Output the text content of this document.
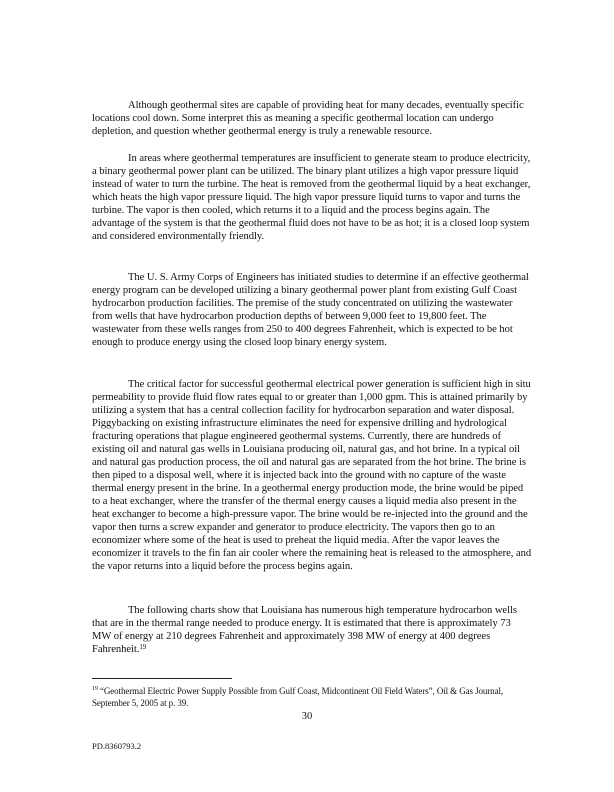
Although geothermal sites are capable of providing heat for many decades, eventually specific locations cool down. Some interpret this as meaning a specific geothermal location can undergo depletion, and question whether geothermal energy is truly a renewable resource.

In areas where geothermal temperatures are insufficient to generate steam to produce electricity, a binary geothermal power plant can be utilized. The binary plant utilizes a high vapor pressure liquid instead of water to turn the turbine. The heat is removed from the geothermal liquid by a heat exchanger, which heats the high vapor pressure liquid. The high vapor pressure liquid turns to vapor and turns the turbine. The vapor is then cooled, which returns it to a liquid and the process begins again. The advantage of the system is that the geothermal fluid does not have to be as hot; it is a closed loop system and considered environmentally friendly.

The U. S. Army Corps of Engineers has initiated studies to determine if an effective geothermal energy program can be developed utilizing a binary geothermal power plant from existing Gulf Coast hydrocarbon production facilities. The premise of the study concentrated on utilizing the wastewater from wells that have hydrocarbon production depths of between 9,000 feet to 19,800 feet. The wastewater from these wells ranges from 250 to 400 degrees Fahrenheit, which is expected to be hot enough to produce energy using the closed loop binary energy system.

The critical factor for successful geothermal electrical power generation is sufficient high in situ permeability to provide fluid flow rates equal to or greater than 1,000 gpm. This is attained primarily by utilizing a system that has a central collection facility for hydrocarbon separation and water disposal. Piggybacking on existing infrastructure eliminates the need for expensive drilling and hydrological fracturing operations that plague engineered geothermal systems. Currently, there are hundreds of existing oil and natural gas wells in Louisiana producing oil, natural gas, and hot brine. In a typical oil and natural gas production process, the oil and natural gas are separated from the hot brine. The brine is then piped to a disposal well, where it is injected back into the ground with no capture of the waste thermal energy present in the brine. In a geothermal energy production mode, the brine would be piped to a heat exchanger, where the transfer of the thermal energy causes a liquid media also present in the heat exchanger to become a high-pressure vapor. The brine would be re-injected into the ground and the vapor then turns a screw expander and generator to produce electricity. The vapors then go to an economizer where some of the heat is used to preheat the liquid media. After the vapor leaves the economizer it travels to the fin fan air cooler where the remaining heat is released to the atmosphere, and the vapor returns into a liquid before the process begins again.

The following charts show that Louisiana has numerous high temperature hydrocarbon wells that are in the thermal range needed to produce energy. It is estimated that there is approximately 73 MW of energy at 210 degrees Fahrenheit and approximately 398 MW of energy at 400 degrees Fahrenheit.$^{19}$

$^{19}$ “Geothermal Electric Power Supply Possible from Gulf Coast, Midcontinent Oil Field Waters”, Oil & Gas Journal, September 5, 2005 at p. 39.

30
PD.8360793.2
